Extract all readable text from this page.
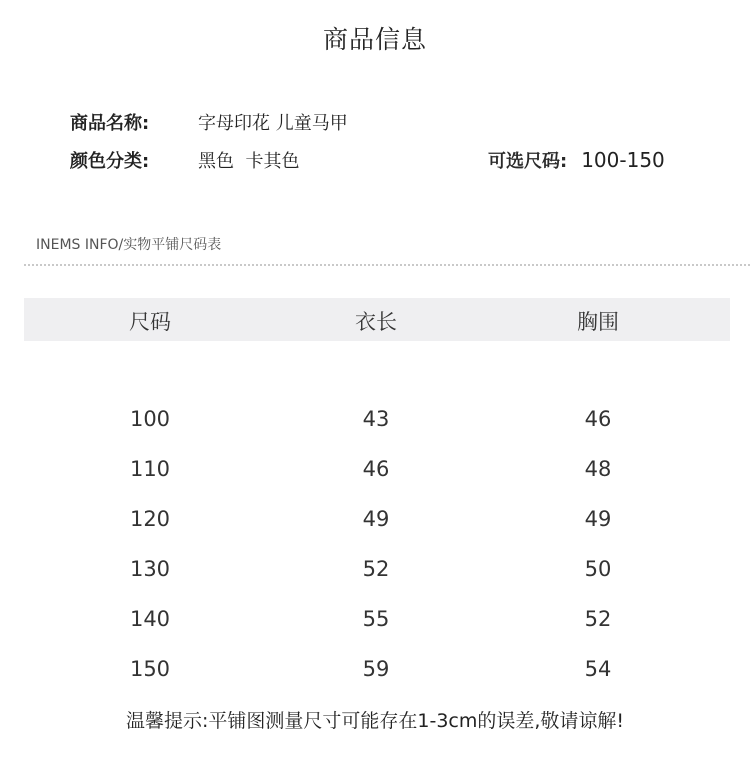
商品信息
商品名称:	字母印花 儿童马甲
颜色分类:	黑色  卡其色	可选尺码: 100-150
INEMS INFO/实物平铺尺码表
尺码	衣长	胸围
100	43	46
110	46	48
120	49	49
130	52	50
140	55	52
150	59	54
温馨提示:平铺图测量尺寸可能存在1-3cm的误差,敬请谅解!
